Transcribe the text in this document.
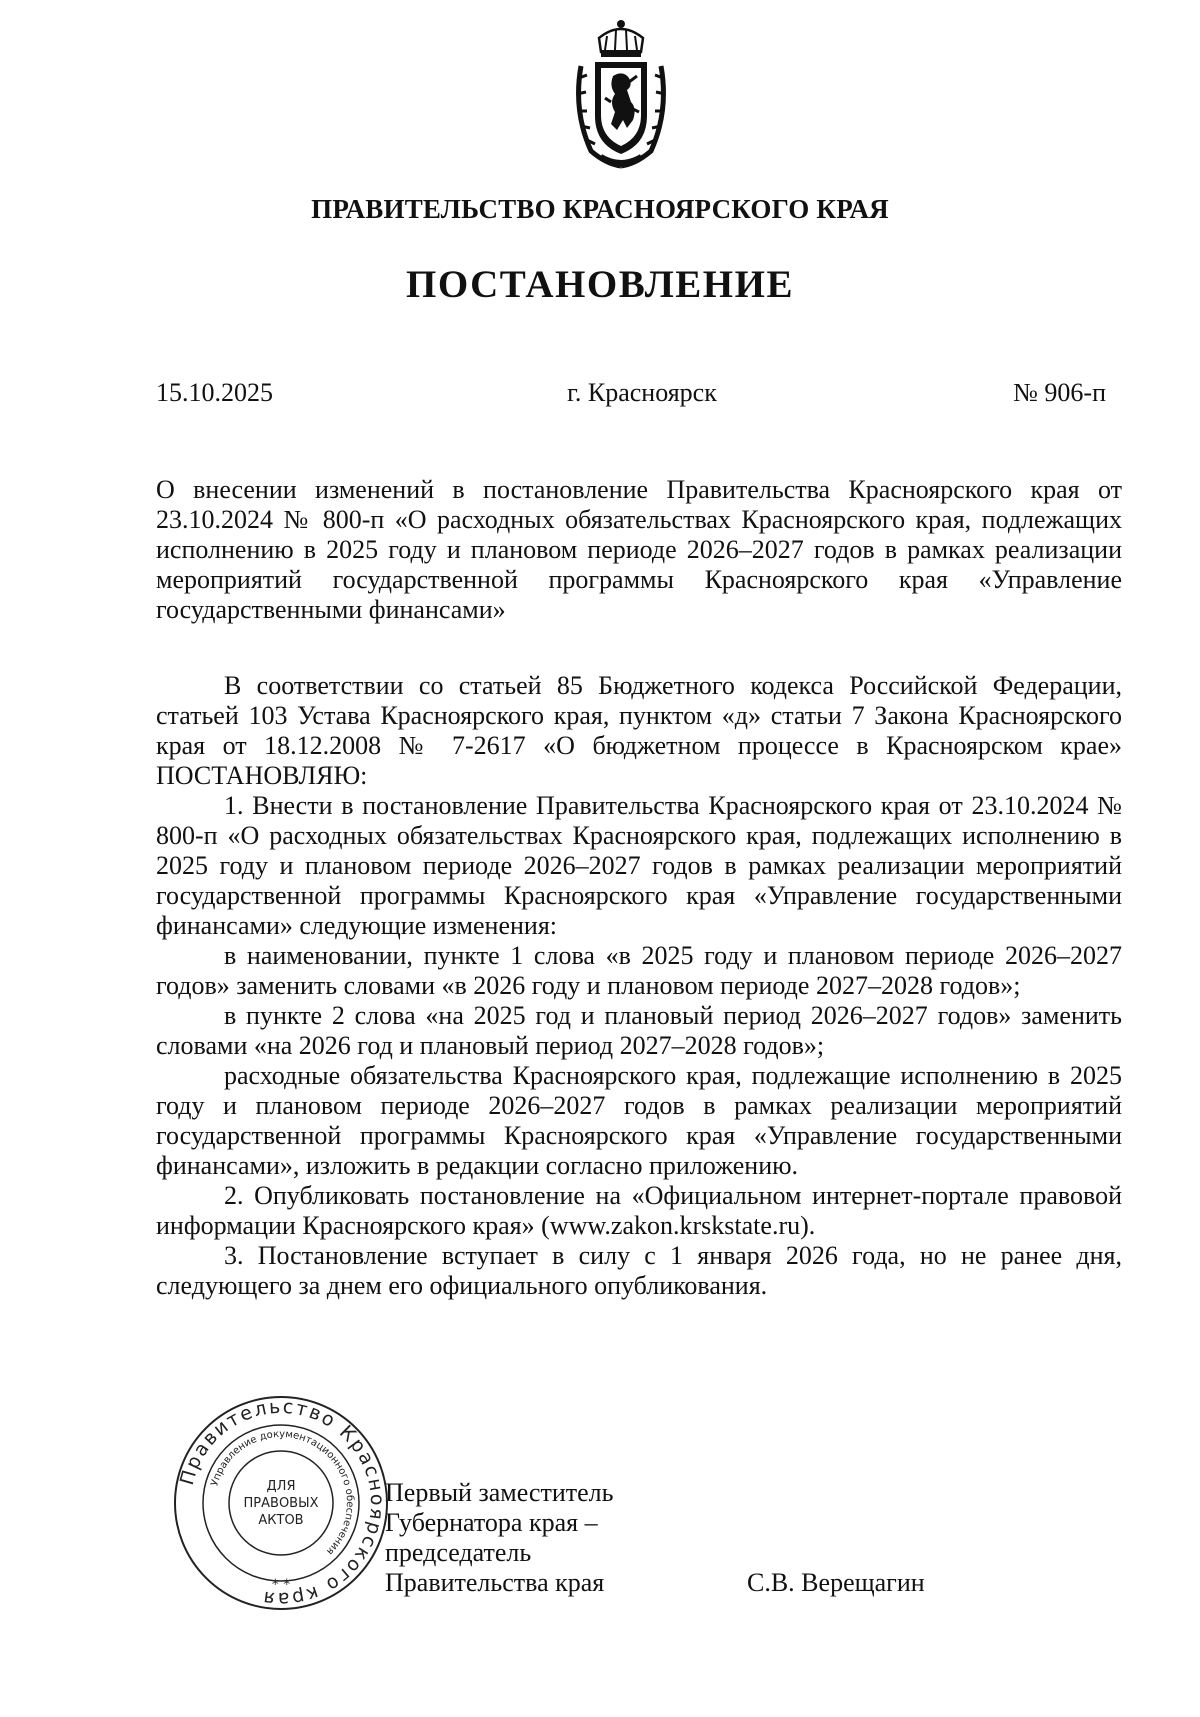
ПРАВИТЕЛЬСТВО КРАСНОЯРСКОГО КРАЯ
ПОСТАНОВЛЕНИЕ
15.10.2025	г. Красноярск	№ 906-п

О внесении изменений в постановление Правительства Красноярского края от 23.10.2024 № 800-п «О расходных обязательствах Красноярского края, подлежащих исполнению в 2025 году и плановом периоде 2026–2027 годов в рамках реализации мероприятий государственной программы Красноярского края «Управление государственными финансами»

В соответствии со статьей 85 Бюджетного кодекса Российской Федерации, статьей 103 Устава Красноярского края, пунктом «д» статьи 7 Закона Красноярского края от 18.12.2008 № 7-2617 «О бюджетном процессе в Красноярском крае» ПОСТАНОВЛЯЮ:

1. Внести в постановление Правительства Красноярского края от 23.10.2024 № 800-п «О расходных обязательствах Красноярского края, подлежащих исполнению в 2025 году и плановом периоде 2026–2027 годов в рамках реализации мероприятий государственной программы Красноярского края «Управление государственными финансами» следующие изменения:

в наименовании, пункте 1 слова «в 2025 году и плановом периоде 2026–2027 годов» заменить словами «в 2026 году и плановом периоде 2027–2028 годов»;

в пункте 2 слова «на 2025 год и плановый период 2026–2027 годов» заменить словами «на 2026 год и плановый период 2027–2028 годов»;

расходные обязательства Красноярского края, подлежащие исполнению в 2025 году и плановом периоде 2026–2027 годов в рамках реализации мероприятий государственной программы Красноярского края «Управление государственными финансами», изложить в редакции согласно приложению.

2. Опубликовать постановление на «Официальном интернет-портале правовой информации Красноярского края» (www.zakon.krskstate.ru).

3. Постановление вступает в силу с 1 января 2026 года, но не ранее дня, следующего за днем его официального опубликования.

Первый заместитель
Губернатора края –
председатель
Правительства края	С.В. Верещагин
Правительство Красноярского края
Управление документационного обеспечения
ДЛЯ
ПРАВОВЫХ
АКТОВ
* *
